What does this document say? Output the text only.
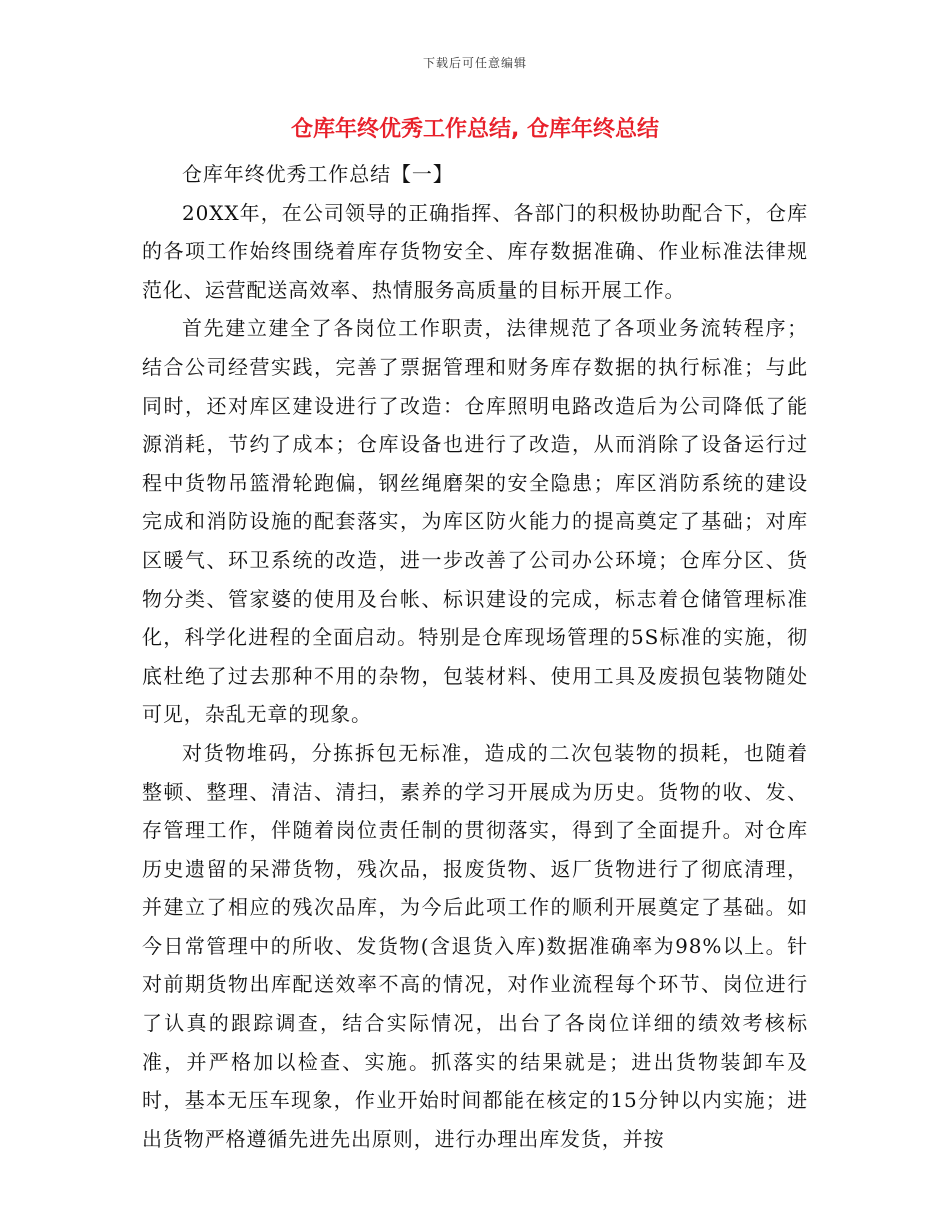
下载后可任意编辑
仓库年终优秀工作总结, 仓库年终总结

仓库年终优秀工作总结【一】

20XX年，在公司领导的正确指挥、各部门的积极协助配合下，仓库的各项工作始终围绕着库存货物安全、库存数据准确、作业标准法律规范化、运营配送高效率、热情服务高质量的目标开展工作。

首先建立建全了各岗位工作职责，法律规范了各项业务流转程序；结合公司经营实践，完善了票据管理和财务库存数据的执行标准；与此同时，还对库区建设进行了改造：仓库照明电路改造后为公司降低了能源消耗，节约了成本；仓库设备也进行了改造，从而消除了设备运行过程中货物吊篮滑轮跑偏，钢丝绳磨架的安全隐患；库区消防系统的建设完成和消防设施的配套落实，为库区防火能力的提高奠定了基础；对库区暖气、环卫系统的改造，进一步改善了公司办公环境；仓库分区、货物分类、管家婆的使用及台帐、标识建设的完成，标志着仓储管理标准化，科学化进程的全面启动。特别是仓库现场管理的5S标准的实施，彻底杜绝了过去那种不用的杂物，包装材料、使用工具及废损包装物随处可见，杂乱无章的现象。

对货物堆码，分拣拆包无标准，造成的二次包装物的损耗，也随着整顿、整理、清洁、清扫，素养的学习开展成为历史。货物的收、发、存管理工作，伴随着岗位责任制的贯彻落实，得到了全面提升。对仓库历史遗留的呆滞货物，残次品，报废货物、返厂货物进行了彻底清理，并建立了相应的残次品库，为今后此项工作的顺利开展奠定了基础。如今日常管理中的所收、发货物(含退货入库)数据准确率为98%以上。针对前期货物出库配送效率不高的情况，对作业流程每个环节、岗位进行了认真的跟踪调查，结合实际情况，出台了各岗位详细的绩效考核标准，并严格加以检查、实施。抓落实的结果就是；进出货物装卸车及时，基本无压车现象，作业开始时间都能在核定的15分钟以内实施；进出货物严格遵循先进先出原则，进行办理出库发货，并按
